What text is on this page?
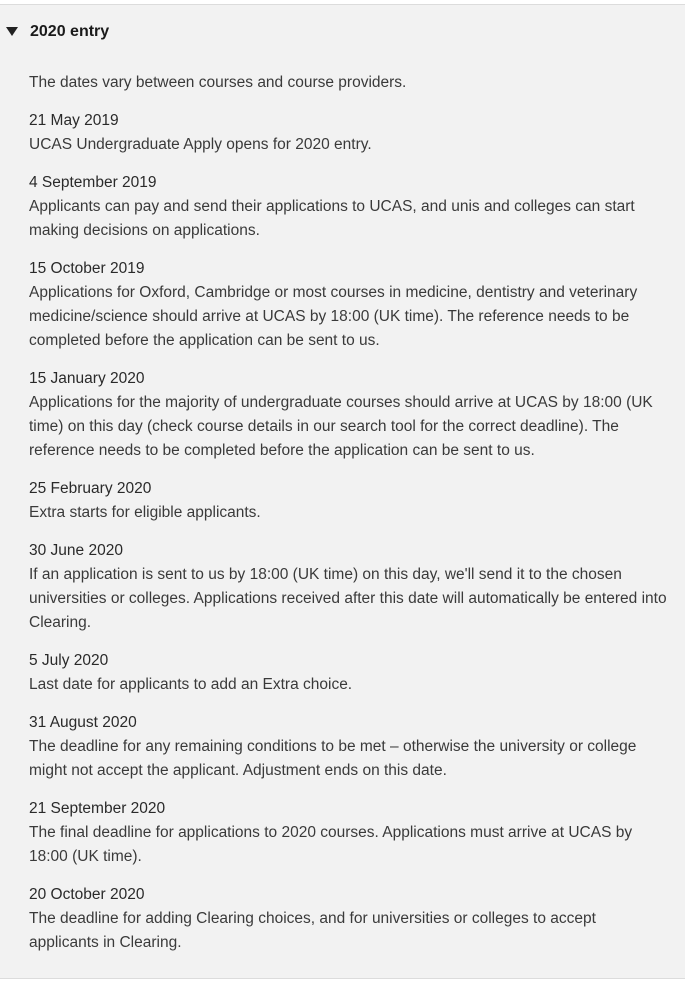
2020 entry

The dates vary between courses and course providers.

21 May 2019

UCAS Undergraduate Apply opens for 2020 entry.

4 September 2019

Applicants can pay and send their applications to UCAS, and unis and colleges can start making decisions on applications.

15 October 2019

Applications for Oxford, Cambridge or most courses in medicine, dentistry and veterinary medicine/science should arrive at UCAS by 18:00 (UK time). The reference needs to be completed before the application can be sent to us.

15 January 2020

Applications for the majority of undergraduate courses should arrive at UCAS by 18:00 (UK time) on this day (check course details in our search tool for the correct deadline). The reference needs to be completed before the application can be sent to us.

25 February 2020

Extra starts for eligible applicants.

30 June 2020

If an application is sent to us by 18:00 (UK time) on this day, we'll send it to the chosen universities or colleges. Applications received after this date will automatically be entered into Clearing.

5 July 2020

Last date for applicants to add an Extra choice.

31 August 2020

The deadline for any remaining conditions to be met – otherwise the university or college might not accept the applicant. Adjustment ends on this date.

21 September 2020

The final deadline for applications to 2020 courses. Applications must arrive at UCAS by 18:00 (UK time).

20 October 2020

The deadline for adding Clearing choices, and for universities or colleges to accept applicants in Clearing.
